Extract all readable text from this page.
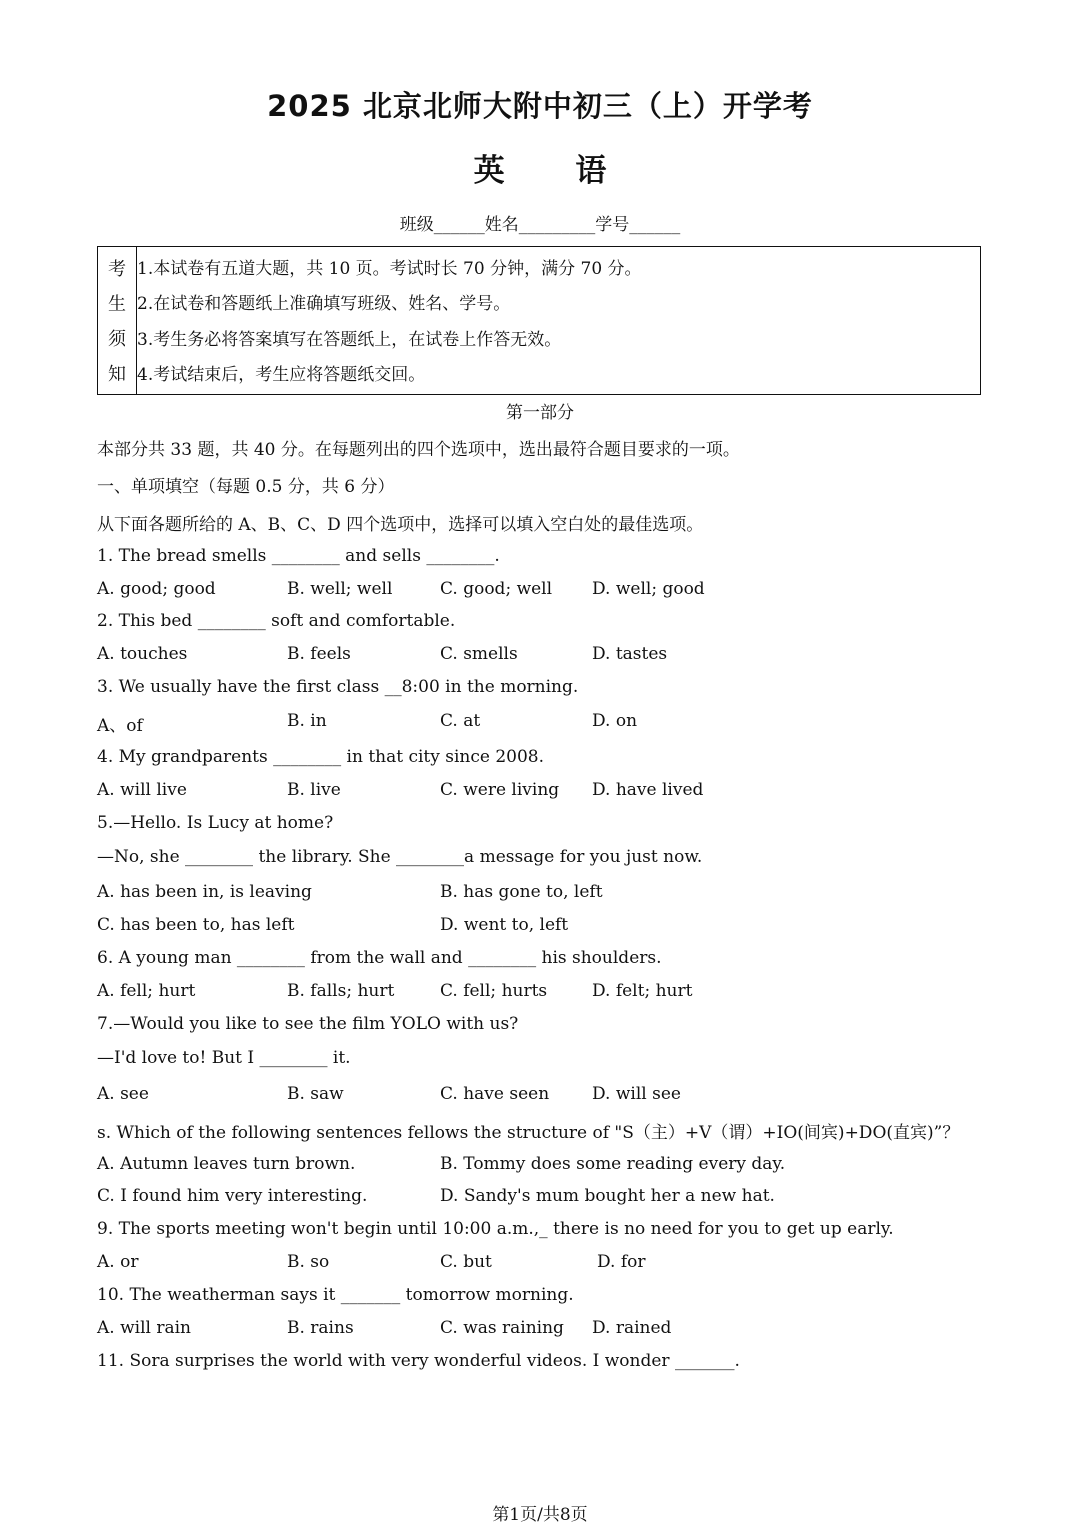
2025 北京北师大附中初三（上）开学考
英 语
班级______姓名_________学号______
考
生
须
知
1.本试卷有五道大题，共 10 页。考试时长 70 分钟，满分 70 分。
2.在试卷和答题纸上准确填写班级、姓名、学号。
3.考生务必将答案填写在答题纸上，在试卷上作答无效。
4.考试结束后，考生应将答题纸交回。
第一部分
本部分共 33 题，共 40 分。在每题列出的四个选项中，选出最符合题目要求的一项。
一、单项填空（每题 0.5 分，共 6 分）
从下面各题所给的 A、B、C、D 四个选项中，选择可以填入空白处的最佳选项。
1. The bread smells ________ and sells ________.
A. good; good	B. well; well	C. good; well D. well; good
2. This bed ________ soft and comfortable.
A. touches	B. feels	C. smells	D. tastes
3. We usually have the first class __8:00 in the morning.
A、of	B. in	C. at	D. on
4. My grandparents ________ in that city since 2008.
A. will live	B. live	C. were living D. have lived
5.—Hello. Is Lucy at home?
—No, she ________ the library. She ________a message for you just now.
A. has been in, is leaving	B. has gone to, left
C. has been to, has left	D. went to, left
6. A young man ________ from the wall and ________ his shoulders.
A. fell; hurt	B. falls; hurt	C. fell; hurts	D. felt; hurt
7.—Would you like to see the film YOLO with us?
—I'd love to! But I ________ it.
A. see	B. saw	C. have seen	D. will see
s. Which of the following sentences fellows the structure of "S（主）+V（谓）+IO(间宾)+DO(直宾)”？
A. Autumn leaves turn brown.	B. Tommy does some reading every day.
C. I found him very interesting.	D. Sandy's mum bought her a new hat.
9. The sports meeting won't begin until 10:00 a.m.,_ there is no need for you to get up early.
A. or	B. so	C. but	D. for
10. The weatherman says it _______ tomorrow morning.
A. will rain	B. rains	C. was raining D. rained
11. Sora surprises the world with very wonderful videos. I wonder _______.
第1页/共8页
